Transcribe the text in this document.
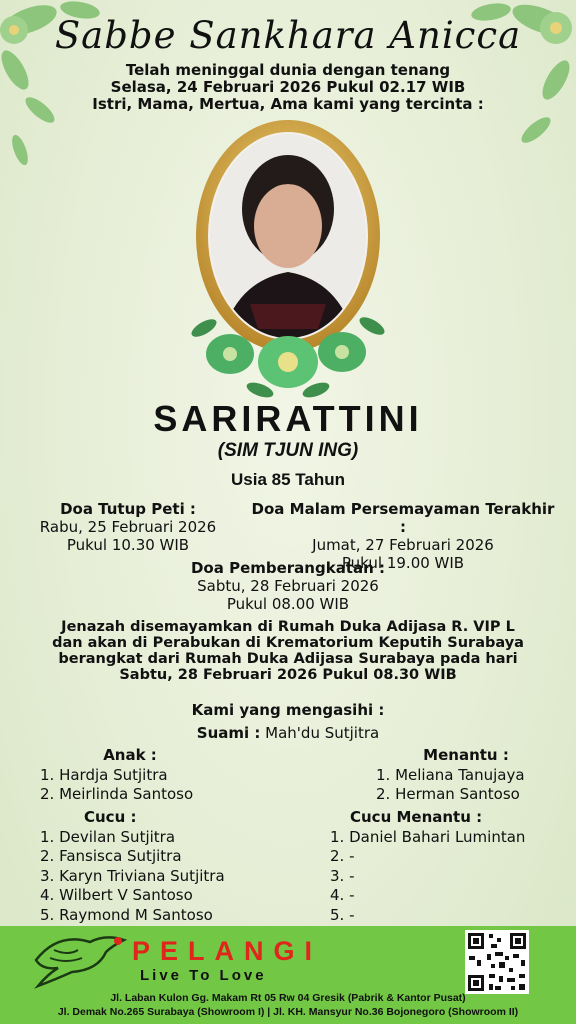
Sabbe Sankhara Anicca
Telah meninggal dunia dengan tenang
Selasa, 24 Februari 2026 Pukul 02.17 WIB
Istri, Mama, Mertua, Ama kami yang tercinta :
SARIRATTINI
(SIM TJUN ING)
Usia 85 Tahun
Doa Tutup Peti :
Rabu, 25 Februari 2026
Pukul 10.30 WIB
Doa Malam Persemayaman Terakhir :
Jumat, 27 Februari 2026
Pukul 19.00 WIB
Doa Pemberangkatan :
Sabtu, 28 Februari 2026
Pukul 08.00 WIB
Jenazah disemayamkan di Rumah Duka Adijasa R. VIP L
dan akan di Perabukan di Krematorium Keputih Surabaya
berangkat dari Rumah Duka Adijasa Surabaya pada hari
Sabtu, 28 Februari 2026 Pukul 08.30 WIB
Kami yang mengasihi :
Suami : Mah'du Sutjitra
Anak :
1. Hardja Sutjitra
2. Meirlinda Santoso
Menantu :
1. Meliana Tanujaya
2. Herman Santoso
Cucu :
1. Devilan Sutjitra
2. Fansisca Sutjitra
3. Karyn Triviana Sutjitra
4. Wilbert V Santoso
5. Raymond M Santoso
Cucu Menantu :
1. Daniel Bahari Lumintan
2. -
3. -
4. -
5. -
PELANGI
Live To Love
Jl. Laban Kulon Gg. Makam Rt 05 Rw 04 Gresik (Pabrik & Kantor Pusat)
Jl. Demak No.265 Surabaya (Showroom I) | Jl. KH. Mansyur No.36 Bojonegoro (Showroom II)
